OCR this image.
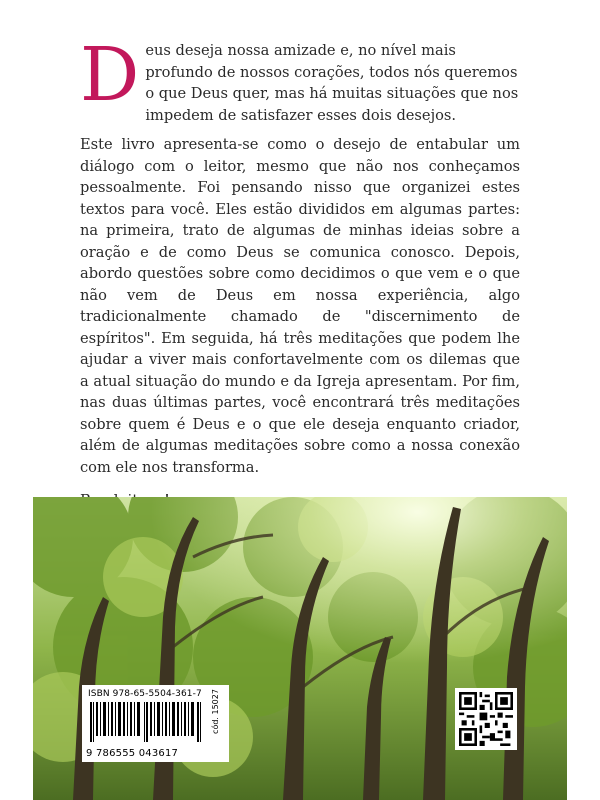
Deus deseja nossa amizade e, no nível mais profundo de nossos corações, todos nós queremos o que Deus quer, mas há muitas situações que nos impedem de satisfazer esses dois desejos.

Este livro apresenta-se como o desejo de entabular um diálogo com o leitor, mesmo que não nos conheçamos pessoalmente. Foi pensando nisso que organizei estes textos para você. Eles estão divididos em algumas partes: na primeira, trato de algumas de minhas ideias sobre a oração e de como Deus se comunica conosco. Depois, abordo questões sobre como decidimos o que vem e o que não vem de Deus em nossa experiência, algo tradicionalmente chamado de "discernimento de espíritos". Em seguida, há três meditações que podem lhe ajudar a viver mais confortavelmente com os dilemas que a atual situação do mundo e da Igreja apresentam. Por fim, nas duas últimas partes, você encontrará três meditações sobre quem é Deus e o que ele deseja enquanto criador, além de algumas meditações sobre como a nossa conexão com ele nos transforma.

ISBN 978-65-5504-361-7
9 786555 043617
cód. 15027
